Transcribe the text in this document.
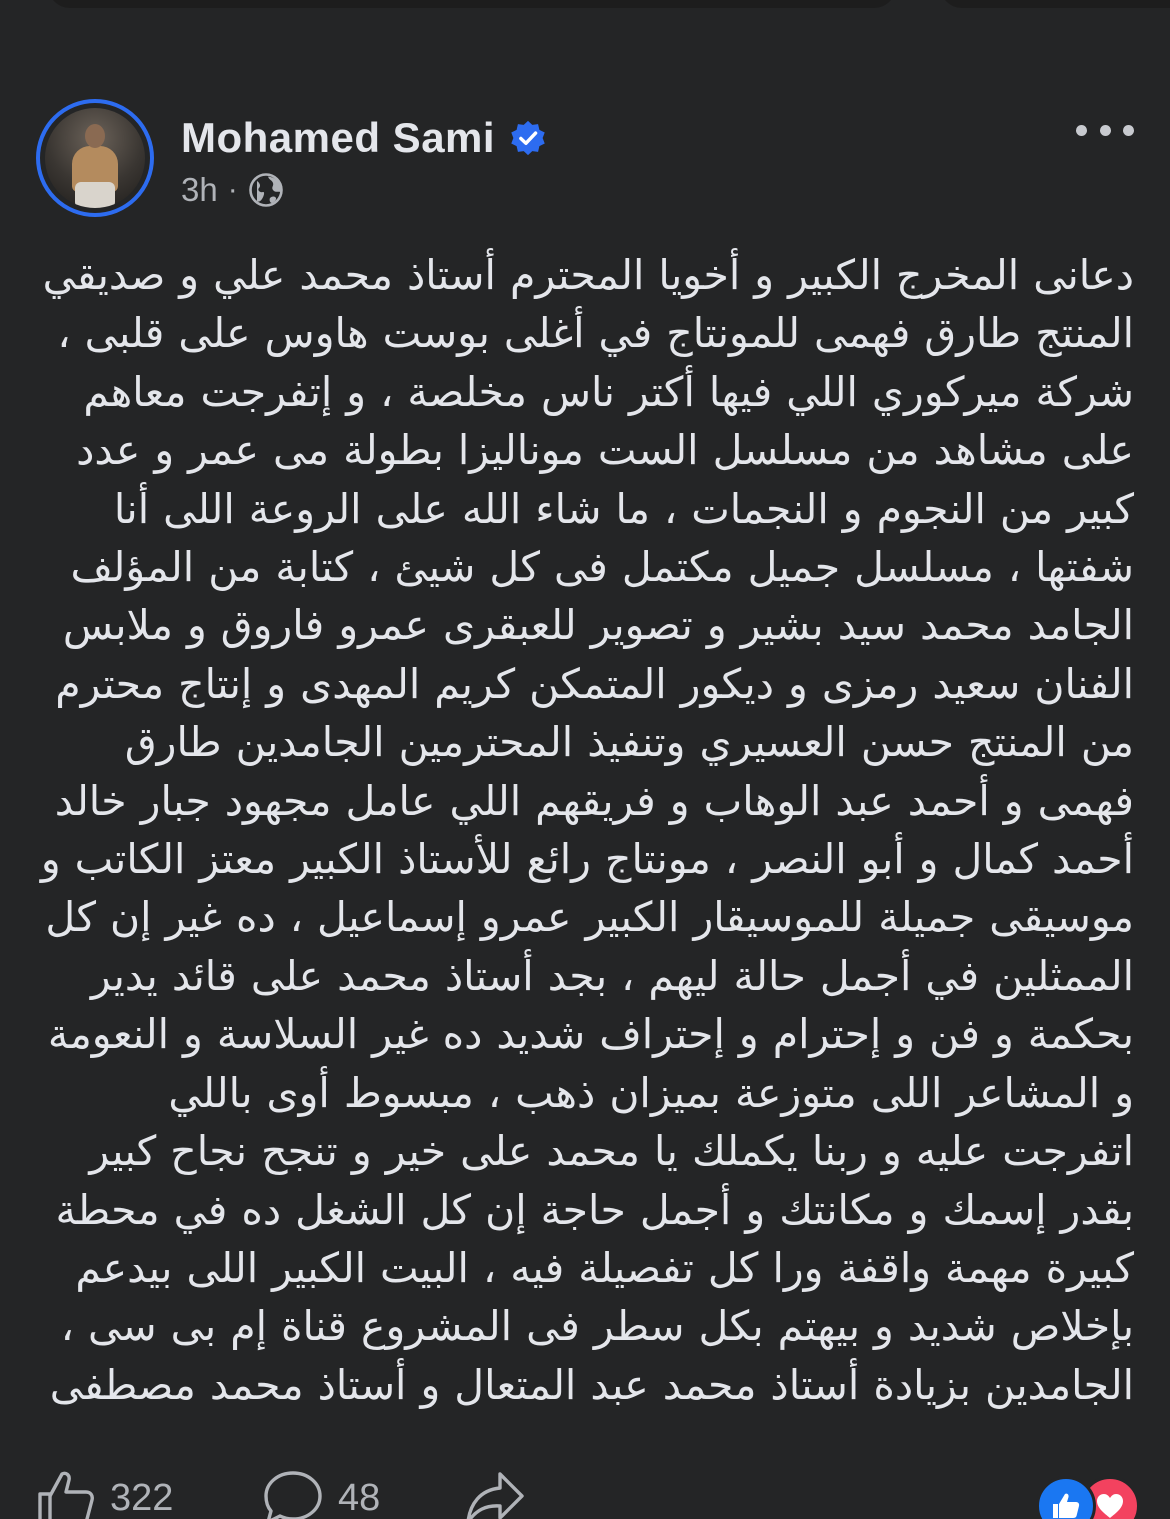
Mohamed Sami
3h ·

دعانى المخرج الكبير و أخويا المحترم أستاذ محمد علي و صديقي المنتج طارق فهمى للمونتاج في أغلى بوست هاوس على قلبى ، شركة ميركوري اللي فيها أكتر ناس مخلصة ، و إتفرجت معاهم على مشاهد من مسلسل الست موناليزا بطولة مى عمر و عدد كبير من النجوم و النجمات ، ما شاء الله على الروعة اللى أنا شفتها ، مسلسل جميل مكتمل فى كل شيئ ، كتابة من المؤلف الجامد محمد سيد بشير و تصوير للعبقرى عمرو فاروق و ملابس الفنان سعيد رمزى و ديكور المتمكن كريم المهدى و إنتاج محترم من المنتج حسن العسيري وتنفيذ المحترمين الجامدين طارق فهمى و أحمد عبد الوهاب و فريقهم اللي عامل مجهود جبار خالد أحمد كمال و أبو النصر ، مونتاج رائع للأستاذ الكبير معتز الكاتب و موسيقى جميلة للموسيقار الكبير عمرو إسماعيل ، ده غير إن كل الممثلين في أجمل حالة ليهم ، بجد أستاذ محمد على قائد يدير بحكمة و فن و إحترام و إحتراف شديد ده غير السلاسة و النعومة و المشاعر اللى متوزعة بميزان ذهب ، مبسوط أوى باللي اتفرجت عليه و ربنا يكملك يا محمد على خير و تنجح نجاح كبير بقدر إسمك و مكانتك و أجمل حاجة إن كل الشغل ده في محطة كبيرة مهمة واقفة ورا كل تفصيلة فيه ، البيت الكبير اللى بيدعم بإخلاص شديد و بيهتم بكل سطر فى المشروع قناة إم بى سى ، الجامدين بزيادة أستاذ محمد عبد المتعال و أستاذ محمد مصطفى

322	48
